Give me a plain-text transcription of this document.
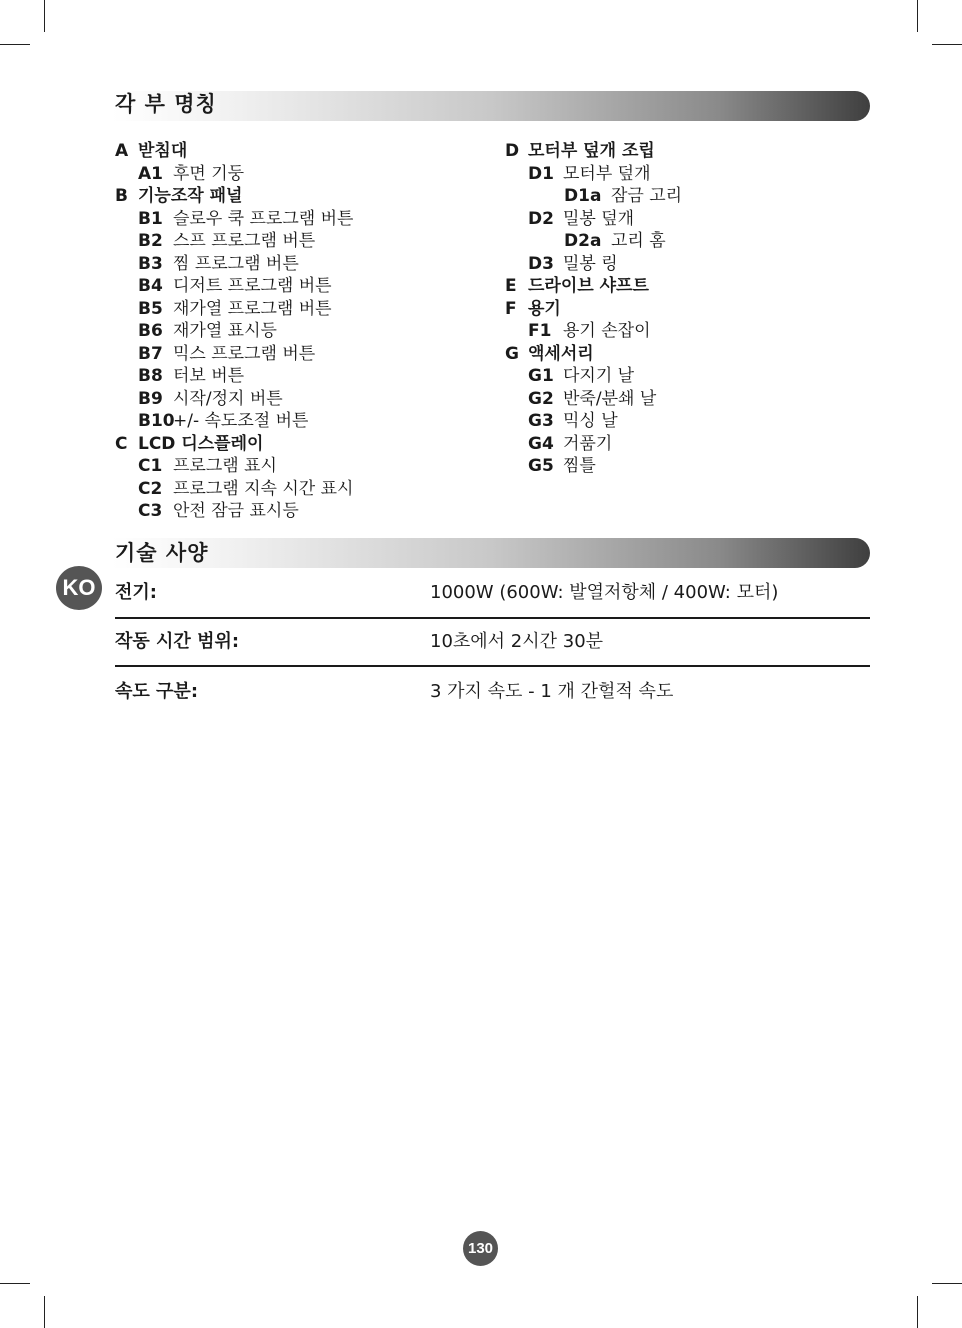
각 부 명칭
A 받침대
A1 후면 기둥
B 기능조작 패널
B1 슬로우 쿡 프로그램 버튼
B2 스프 프로그램 버튼
B3 찜 프로그램 버튼
B4 디저트 프로그램 버튼
B5 재가열 프로그램 버튼
B6 재가열 표시등
B7 믹스 프로그램 버튼
B8 터보 버튼
B9 시작/정지 버튼
B10+/- 속도조절 버튼
C LCD 디스플레이
C1 프로그램 표시
C2 프로그램 지속 시간 표시
C3 안전 잠금 표시등
D 모터부 덮개 조립
D1 모터부 덮개
D1a 잠금 고리
D2 밀봉 덮개
D2a 고리 홈
D3 밀봉 링
E 드라이브 샤프트
F 용기
F1 용기 손잡이
G 액세서리
G1 다지기 날
G2 반죽/분쇄 날
G3 믹싱 날
G4 거품기
G5 찜틀
기술 사양
KO	전기:	1000W (600W: 발열저항체 / 400W: 모터)
작동 시간 범위:	10초에서 2시간 30분
속도 구분:	3 가지 속도 - 1 개 간헐적 속도
130
